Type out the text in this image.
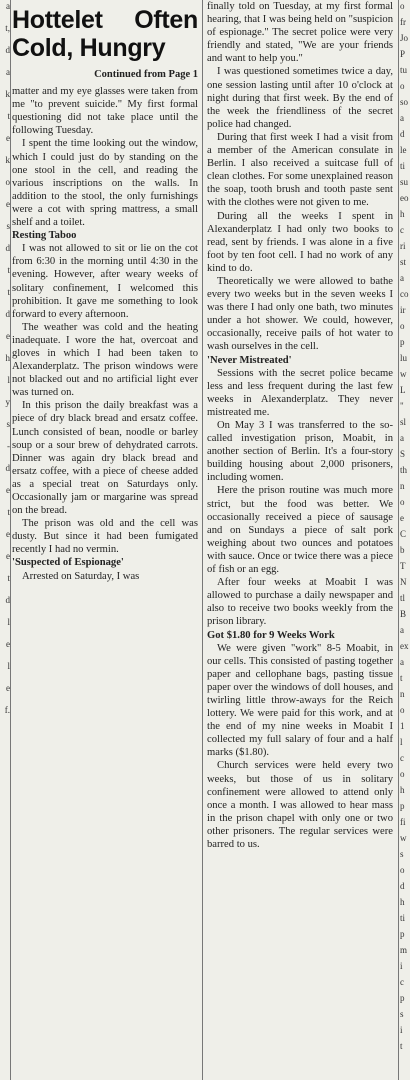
a
t,
d
a
k
t
e
k
o
e
s
d
t
t
d
e
h
l
y
s
-
d
e
t
e
e
t
d
l
e
l
e
f.
Hottelet Often Cold, Hungry
Continued from Page 1

matter and my eye glasses were taken from me "to prevent suicide." My first formal questioning did not take place until the following Tuesday.

I spent the time looking out the window, which I could just do by standing on the one stool in the cell, and reading the various inscriptions on the walls. In addition to the stool, the only furnishings were a cot with spring mattress, a small shelf and a toilet.

Resting Taboo

I was not allowed to sit or lie on the cot from 6:30 in the morning until 4:30 in the evening. However, after weary weeks of solitary confinement, I welcomed this prohibition. It gave me something to look forward to every afternoon.

The weather was cold and the heating inadequate. I wore the hat, overcoat and gloves in which I had been taken to Alexanderplatz. The prison windows were not blacked out and no artificial light ever was turned on.

In this prison the daily breakfast was a piece of dry black bread and ersatz coffee. Lunch consisted of bean, noodle or barley soup or a sour brew of dehydrated carrots. Dinner was again dry black bread and ersatz coffee, with a piece of cheese added as a special treat on Saturdays only. Occasionally jam or margarine was spread on the bread.

The prison was old and the cell was dusty. But since it had been fumigated recently I had no vermin.

'Suspected of Espionage'

Arrested on Saturday, I was

finally told on Tuesday, at my first formal hearing, that I was being held on "suspicion of espionage." The secret police were very friendly and stated, "We are your friends and want to help you."

I was questioned sometimes twice a day, one session lasting until after 10 o'clock at night during that first week. By the end of the week the friendliness of the secret police had changed.

During that first week I had a visit from a member of the American consulate in Berlin. I also received a suitcase full of clean clothes. For some unexplained reason the soap, tooth brush and tooth paste sent with the clothes were not given to me.

During all the weeks I spent in Alexanderplatz I had only two books to read, sent by friends. I was alone in a five foot by ten foot cell. I had no work of any kind to do.

Theoretically we were allowed to bathe every two weeks but in the seven weeks I was there I had only one bath, two minutes under a hot shower. We could, however, occasionally, receive pails of hot water to wash ourselves in the cell.

'Never Mistreated'

Sessions with the secret police became less and less frequent during the last few weeks in Alexanderplatz. They never mistreated me.

On May 3 I was transferred to the so-called investigation prison, Moabit, in another section of Berlin. It's a four-story building housing about 2,000 prisoners, including women.

Here the prison routine was much more strict, but the food was better. We occasionally received a piece of sausage and on Sundays a piece of salt pork weighing about two ounces and potatoes with sauce. Once or twice there was a piece of fish or an egg.

After four weeks at Moabit I was allowed to purchase a daily newspaper and also to receive two books weekly from the prison library.

Got $1.80 for 9 Weeks Work

We were given "work" 8-5 Moabit, in our cells. This consisted of pasting together paper and cellophane bags, pasting tissue paper over the windows of doll houses, and twirling little throw-aways for the Reich lottery. We were paid for this work, and at the end of my nine weeks in Moabit I collected my full salary of four and a half marks ($1.80).

Church services were held every two weeks, but those of us in solitary confinement were allowed to attend only once a month. I was allowed to hear mass in the prison chapel with only one or two other prisoners. The regular services were barred to us.

o
fr
Jo
P
tu
o
so
a
d
le
ti
su
eo
h
c
ri
st
a
co
ir
o
p
lu
w
L
"
sl
a
S
th
n
o
e
C
b
T
N
tl
B
a
ex
a
t
n
o
1
l
c
o
h
p
fi
w
s
o
d
h
ti
p
m
i
c
p
s
i
t
